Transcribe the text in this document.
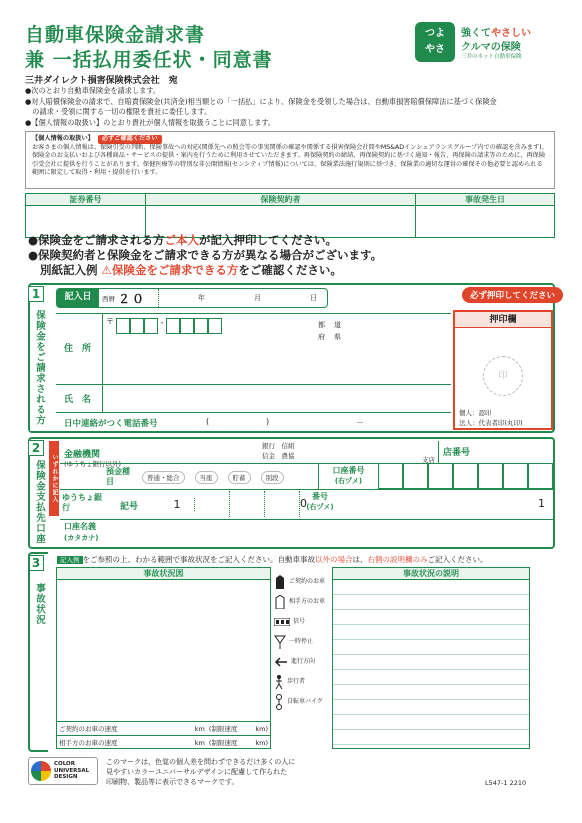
自動車保険金請求書
兼 一括払用委任状・同意書
つよ
やさ
強くてやさしい
クルマの保険
三井のネット自動車保険
三井ダイレクト損害保険株式会社　宛
●次のとおり自動車保険金を請求します。
●対人賠償保険金の請求で、自賠責保険金(共済金)相当額との「一括払」により、保険金を受領した場合は、自動車損害賠償保障法に基づく保険金
　の請求・受領に関する一切の権限を貴社に委任します。
●【個人情報の取扱い】のとおり貴社が個人情報を取扱うことに同意します。
【個人情報の取扱い】 必ずご確認ください
お客さまの個人情報は、保険引受の判断、保険事故への対応(関係先への照会等の事実関係の確認や関係する損害保険会社間やMS&ADインシュアランスグループ内での確認を含みます)、保険金のお支払いおよび各種商品・サービスの提供・案内を行うために利用させていただきます。再保険契約の締結、再保険契約に基づく通知・報告、再保険の請求等のために、再保険引受会社に提供を行うことがあります。保健医療等の特別な非公開情報(センシティブ情報)については、保険業法施行規則に基づき、保険業の適切な運営の確保その他必要と認められる範囲に限定して取得・利用・提供を行います。
証券番号	保険契約者	事故発生日

●保険金をご請求される方ご本人が記入押印してください。
●保険契約者と保険金をご請求できる方が異なる場合がございます。
別紙記入例 ⚠保険金をご請求できる方をご確認ください。
1
保険金をご請求される方
記入日	西暦 ２０	年	月	日	必ず押印してください
住　所
〒	-	都 道
府 県
氏　名
日中連絡がつく電話番号	(	)	－
押印欄
印
個人：認印
法人：代表者印(丸印)
2
保険金支払先口座	いずれかに記入 金融機関
(ゆうちょ銀行以外)
銀行　信組
信金　農協	支店
店番号
預金種目	普通・総合	当座	貯蓄	別段
口座番号
(右ヅメ)
ゆうちょ銀行	記号	1	0
番号
(右ヅメ)	1
口座名義
(カタカナ)
3
事故状況
記入例 をご参照の上、わかる範囲で事故状況をご記入ください。自動車事故以外の場合は、右側の説明欄のみご記入ください。
事故状況図
ご契約のお車の速度	km (制限速度	km)
相手方のお車の速度	km (制限速度	km)
ご契約のお車
相手方のお車
信号
一時停止
進行方向
歩行者
自転車バイク
事故状況の説明
COLOR
UNIVERSAL
DESIGN
このマークは、色覚の個人差を問わずできるだけ多くの人に
見やすいカラーユニバーサルデザインに配慮して作られた
印刷物、製品等に表示できるマークです。	L547-1 2210
